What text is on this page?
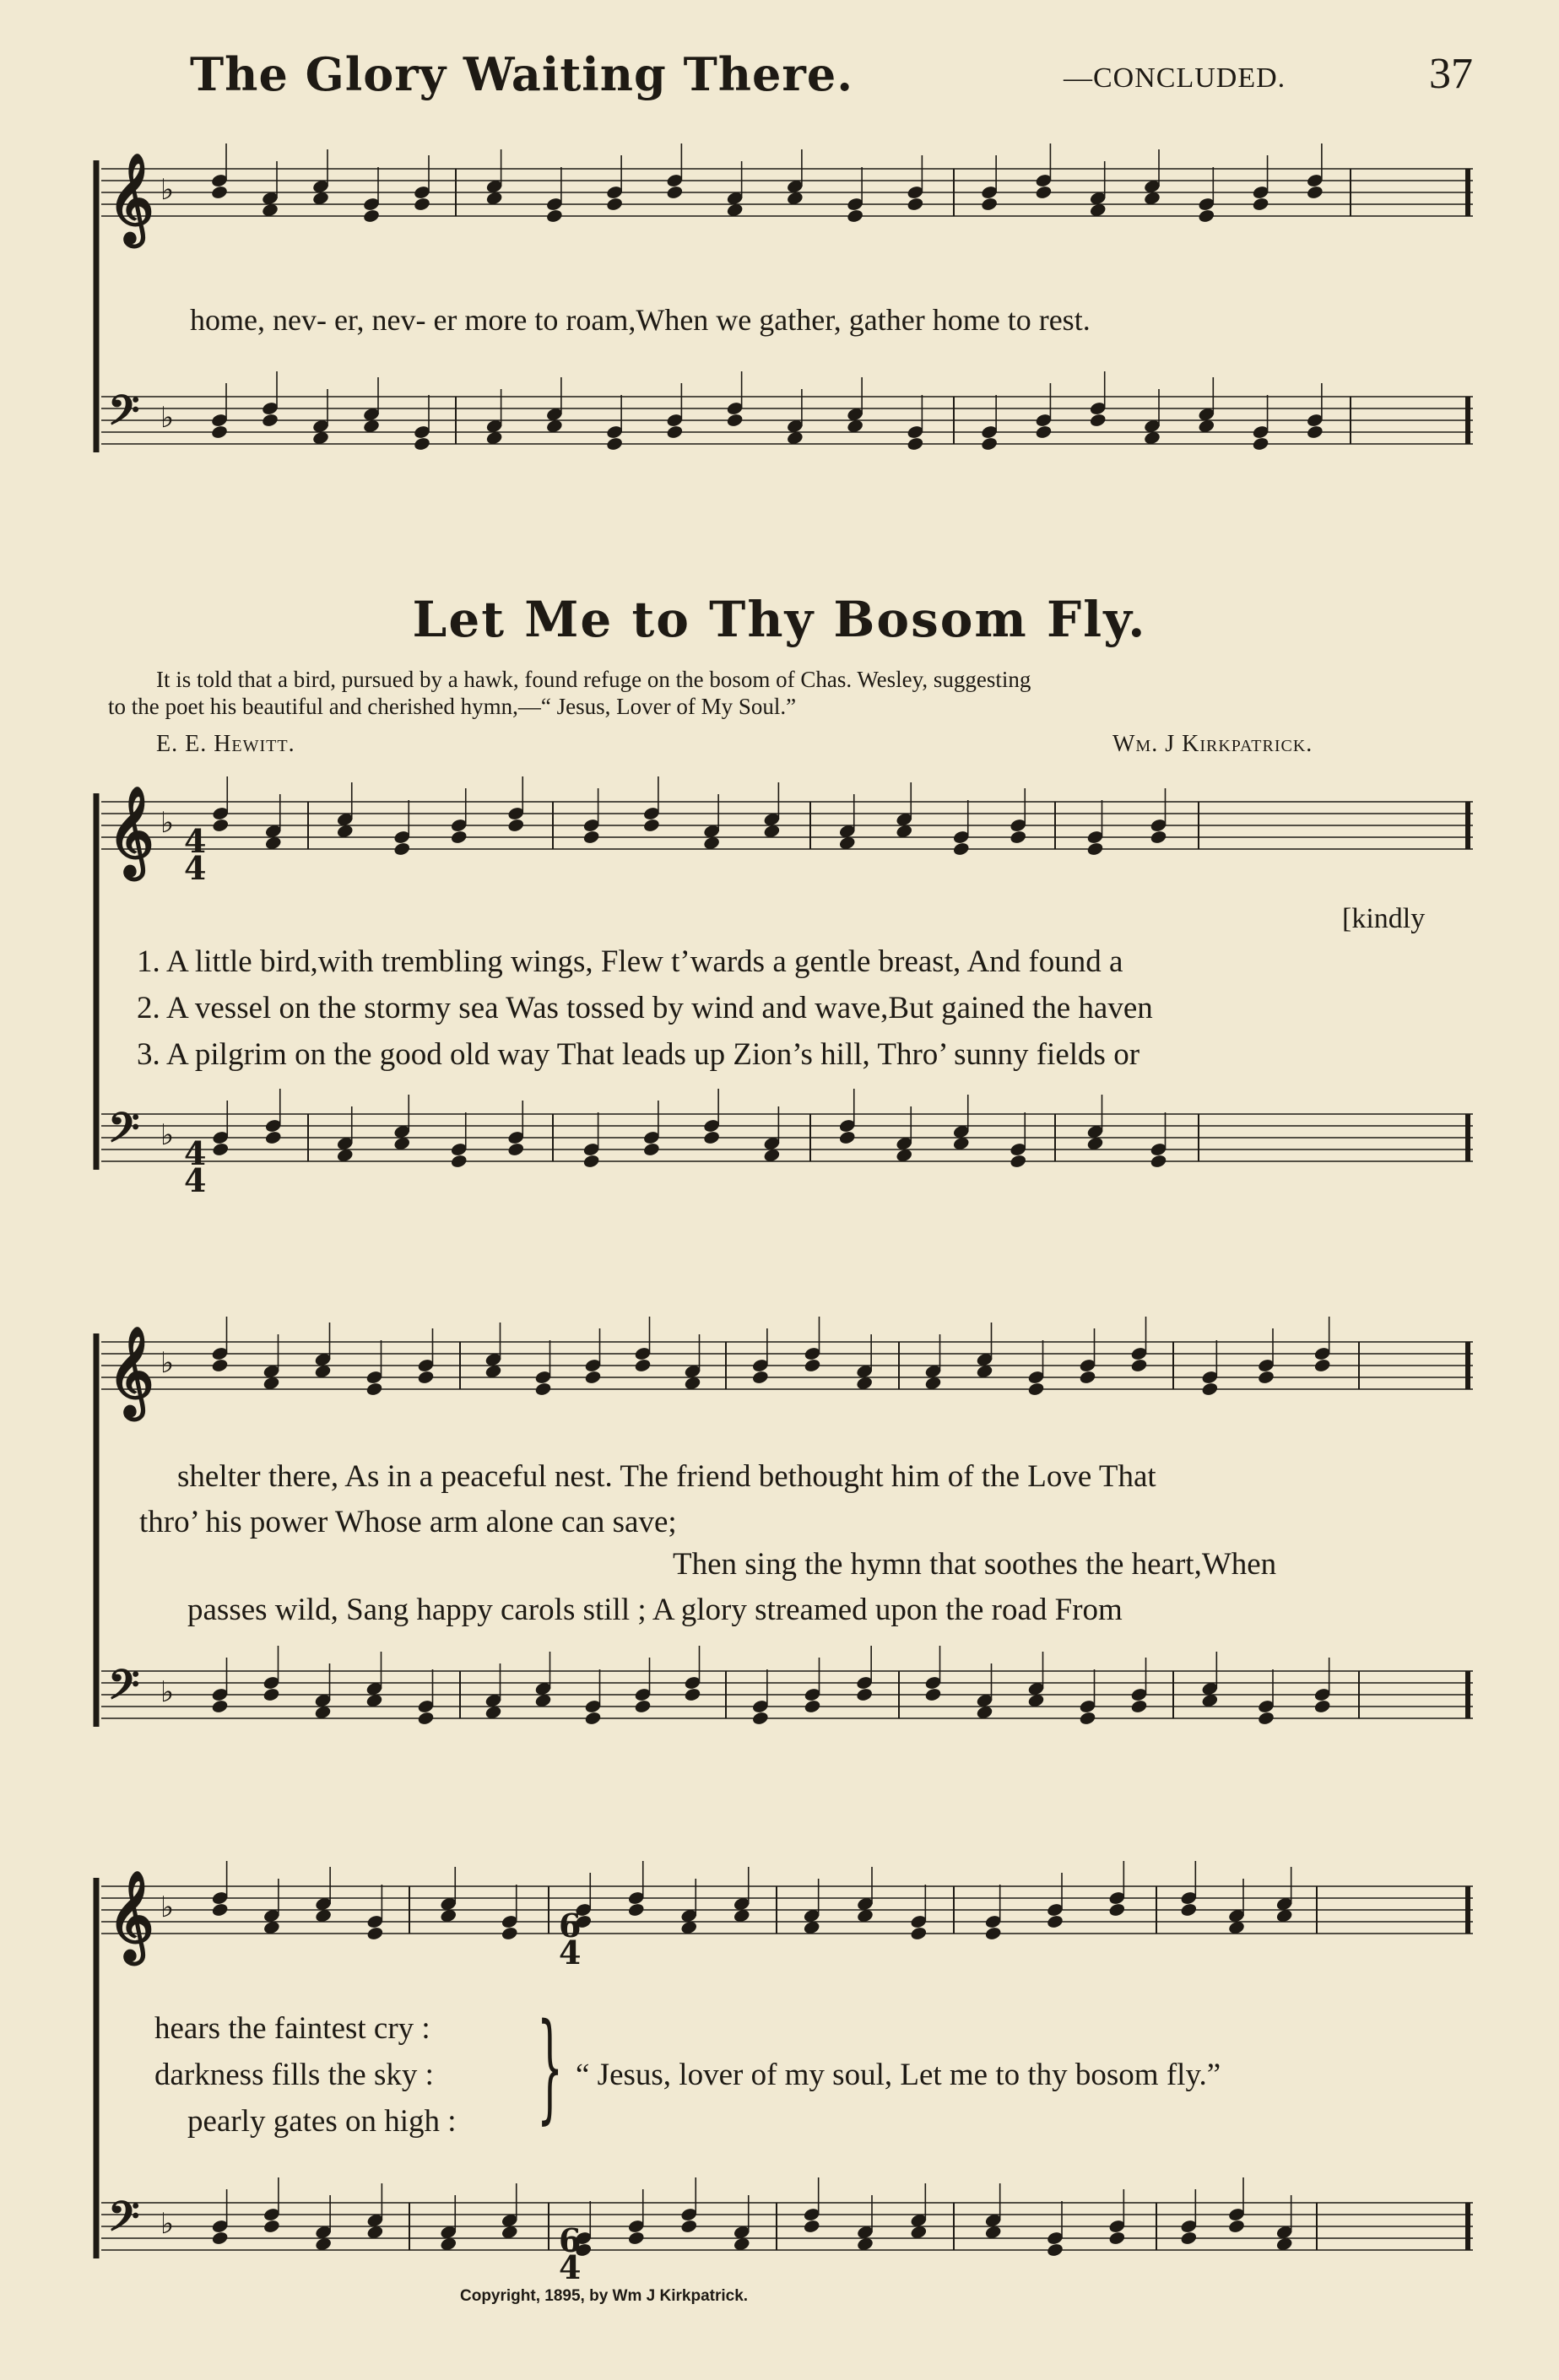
The Glory Waiting There.	—CONCLUDED.	37
𝄞 ♭
𝄢 ♭
𝄞 ♭
𝄢 ♭
𝄞 ♭
𝄢 ♭
𝄞 ♭
𝄢 ♭
4
4
4
4
6
4
6
4
home, nev- er, nev- er more to roam,When we gather, gather home to rest.
Let Me to Thy Bosom Fly.
It is told that a bird, pursued by a hawk, found refuge on the bosom of Chas. Wesley, suggesting
to the poet his beautiful and cherished hymn,—“ Jesus, Lover of My Soul.”
E. E. Hewitt.	Wm. J Kirkpatrick.
[kindly
1. A little bird,with trembling wings, Flew t’wards a gentle breast, And found a
2. A vessel on the stormy sea Was tossed by wind and wave,But gained the haven
3. A pilgrim on the good old way That leads up Zion’s hill, Thro’ sunny fields or
shelter there, As in a peaceful nest. The friend bethought him of the Love That
thro’ his power Whose arm alone can save;
Then sing the hymn that soothes the heart,When
passes wild, Sang happy carols still ; A glory streamed upon the road From
hears the faintest cry :
darkness fills the sky :
pearly gates on high : } “ Jesus, lover of my soul, Let me to thy bosom fly.”
Copyright, 1895, by Wm J Kirkpatrick.
